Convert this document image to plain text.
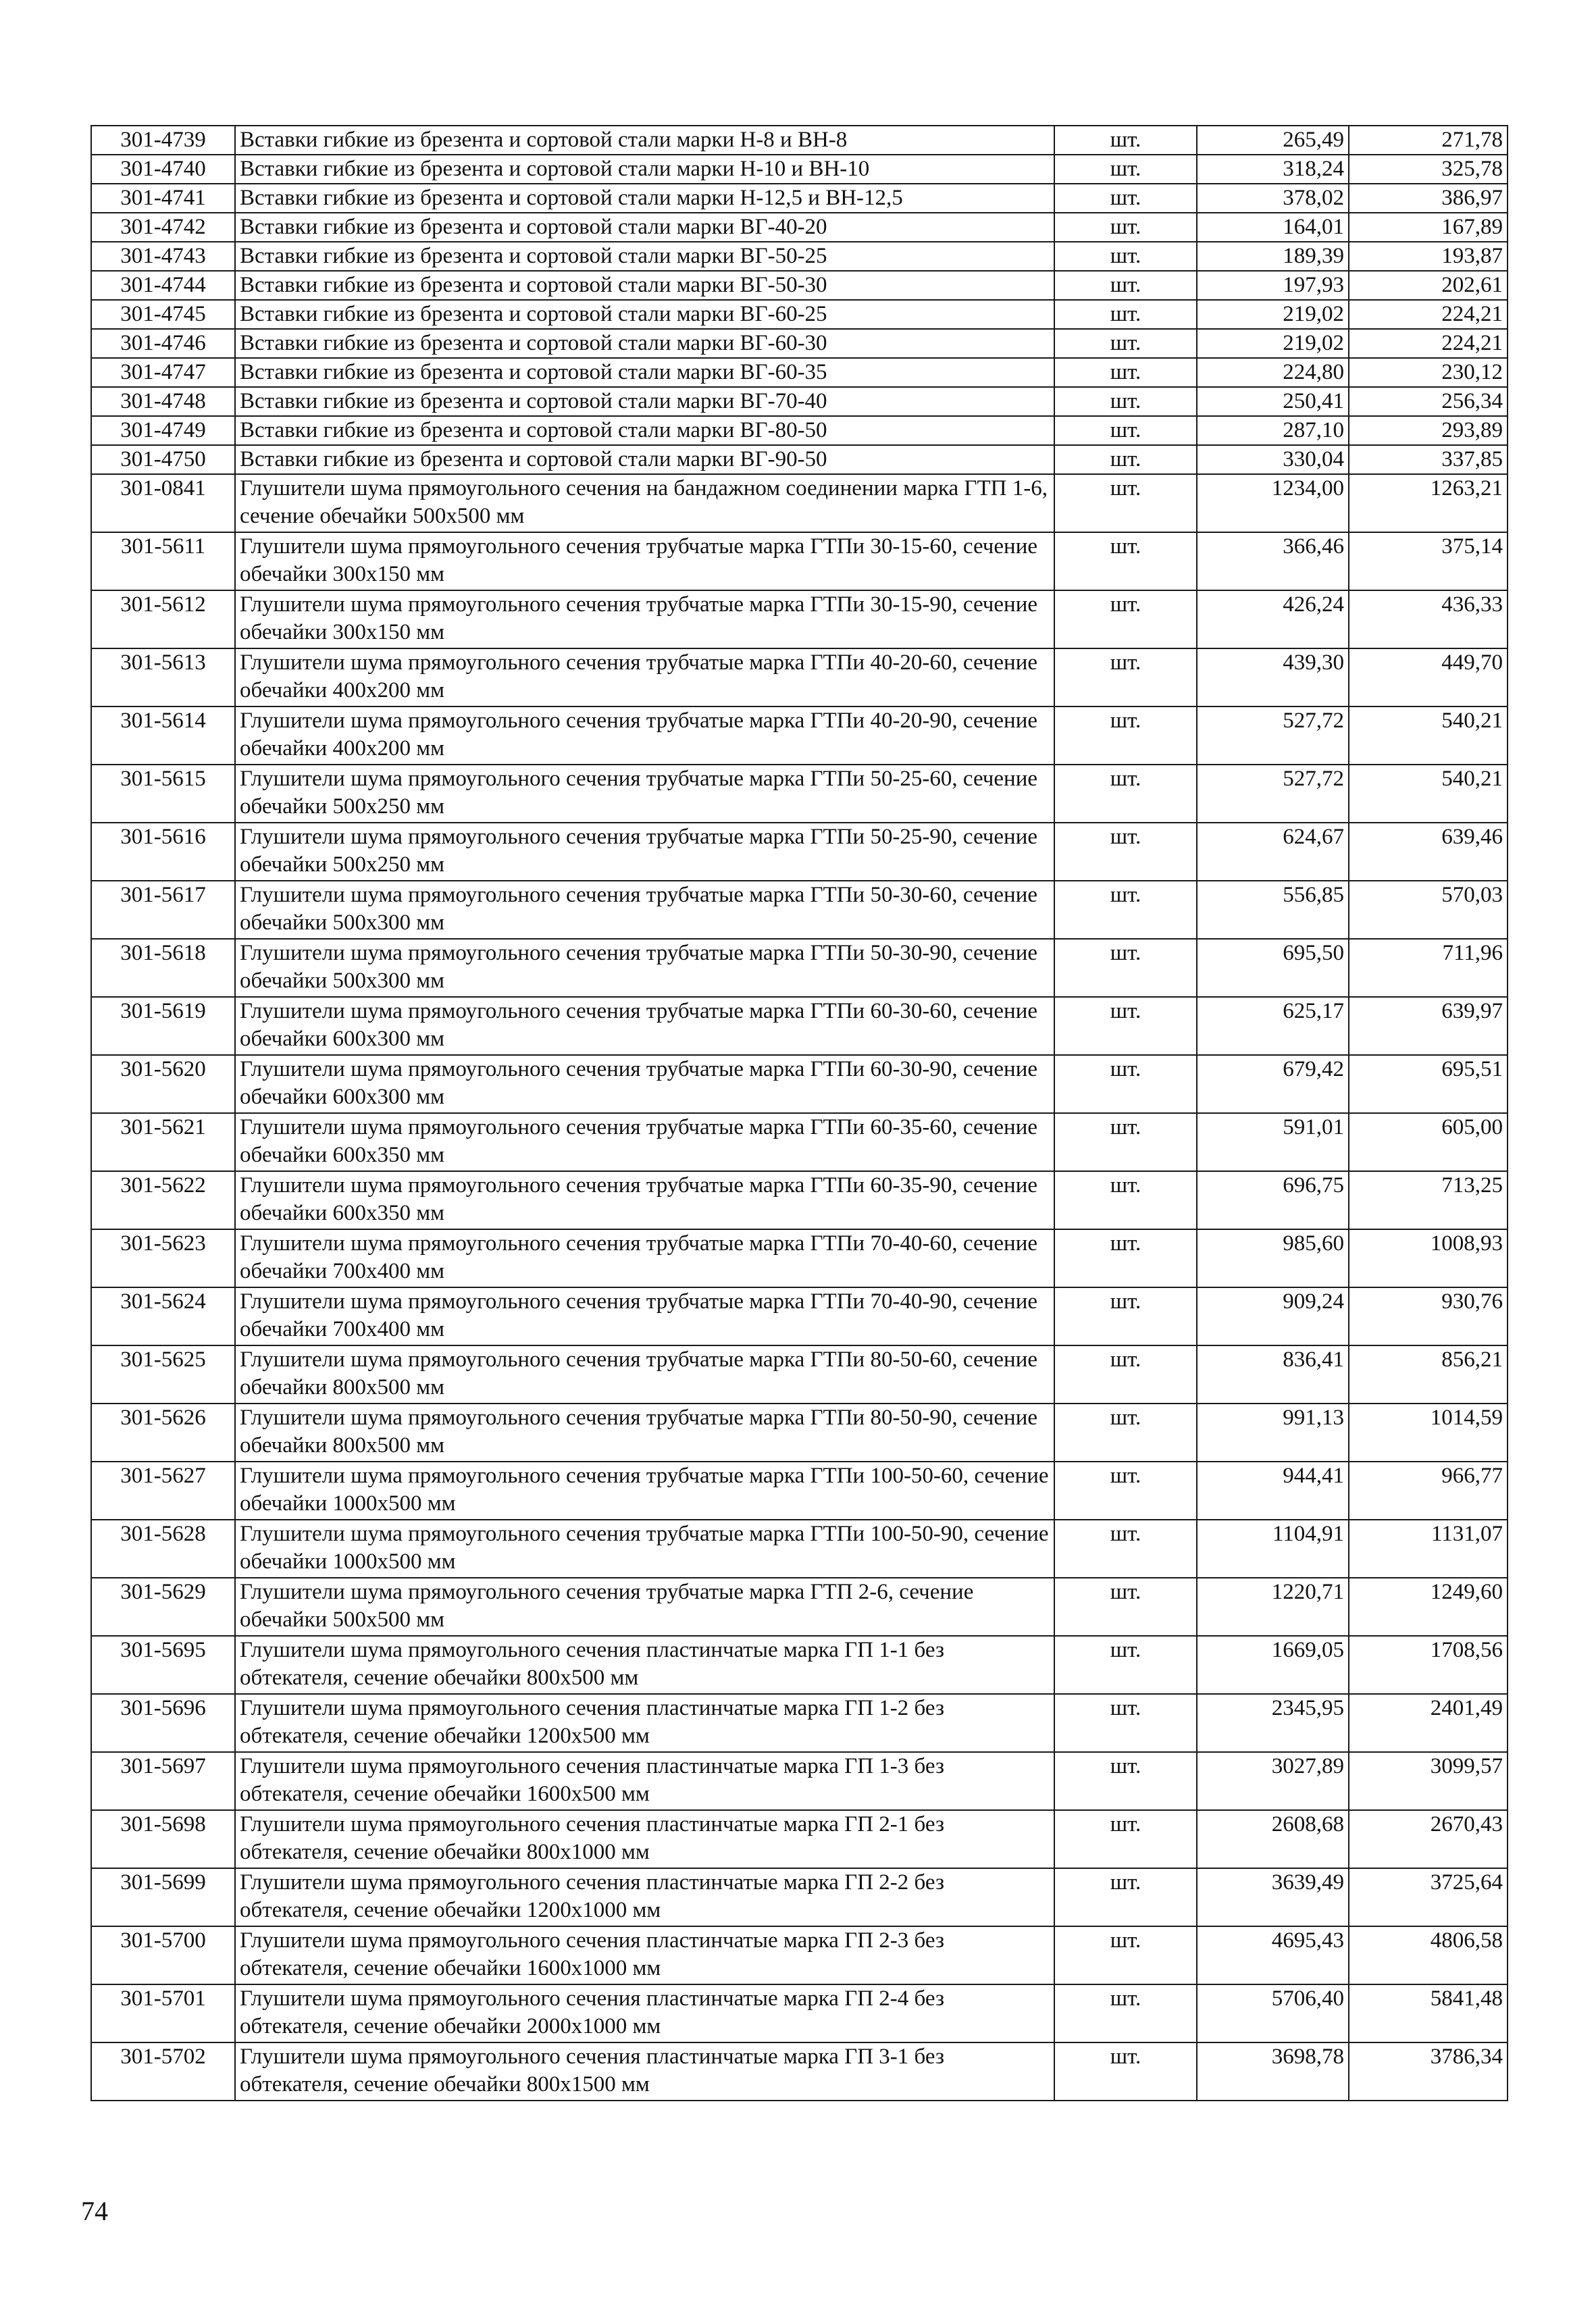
301-4739	Вставки гибкие из брезента и сортовой стали марки Н-8 и ВН-8	шт.	265,49	271,78
301-4740	Вставки гибкие из брезента и сортовой стали марки Н-10 и ВН-10	шт.	318,24	325,78
301-4741	Вставки гибкие из брезента и сортовой стали марки Н-12,5 и ВН-12,5	шт.	378,02	386,97
301-4742	Вставки гибкие из брезента и сортовой стали марки ВГ-40-20	шт.	164,01	167,89
301-4743	Вставки гибкие из брезента и сортовой стали марки ВГ-50-25	шт.	189,39	193,87
301-4744	Вставки гибкие из брезента и сортовой стали марки ВГ-50-30	шт.	197,93	202,61
301-4745	Вставки гибкие из брезента и сортовой стали марки ВГ-60-25	шт.	219,02	224,21
301-4746	Вставки гибкие из брезента и сортовой стали марки ВГ-60-30	шт.	219,02	224,21
301-4747	Вставки гибкие из брезента и сортовой стали марки ВГ-60-35	шт.	224,80	230,12
301-4748	Вставки гибкие из брезента и сортовой стали марки ВГ-70-40	шт.	250,41	256,34
301-4749	Вставки гибкие из брезента и сортовой стали марки ВГ-80-50	шт.	287,10	293,89
301-4750	Вставки гибкие из брезента и сортовой стали марки ВГ-90-50	шт.	330,04	337,85
301-0841	Глушители шума прямоугольного сечения на бандажном соединении марка ГТП 1-6, сечение обечайки 500х500 мм	шт.	1234,00	1263,21
301-5611	Глушители шума прямоугольного сечения трубчатые марка ГТПи 30-15-60, сечение обечайки 300х150 мм	шт.	366,46	375,14
301-5612	Глушители шума прямоугольного сечения трубчатые марка ГТПи 30-15-90, сечение обечайки 300х150 мм	шт.	426,24	436,33
301-5613	Глушители шума прямоугольного сечения трубчатые марка ГТПи 40-20-60, сечение обечайки 400х200 мм	шт.	439,30	449,70
301-5614	Глушители шума прямоугольного сечения трубчатые марка ГТПи 40-20-90, сечение обечайки 400х200 мм	шт.	527,72	540,21
301-5615	Глушители шума прямоугольного сечения трубчатые марка ГТПи 50-25-60, сечение обечайки 500х250 мм	шт.	527,72	540,21
301-5616	Глушители шума прямоугольного сечения трубчатые марка ГТПи 50-25-90, сечение обечайки 500х250 мм	шт.	624,67	639,46
301-5617	Глушители шума прямоугольного сечения трубчатые марка ГТПи 50-30-60, сечение обечайки 500х300 мм	шт.	556,85	570,03
301-5618	Глушители шума прямоугольного сечения трубчатые марка ГТПи 50-30-90, сечение обечайки 500х300 мм	шт.	695,50	711,96
301-5619	Глушители шума прямоугольного сечения трубчатые марка ГТПи 60-30-60, сечение обечайки 600х300 мм	шт.	625,17	639,97
301-5620	Глушители шума прямоугольного сечения трубчатые марка ГТПи 60-30-90, сечение обечайки 600х300 мм	шт.	679,42	695,51
301-5621	Глушители шума прямоугольного сечения трубчатые марка ГТПи 60-35-60, сечение обечайки 600х350 мм	шт.	591,01	605,00
301-5622	Глушители шума прямоугольного сечения трубчатые марка ГТПи 60-35-90, сечение обечайки 600х350 мм	шт.	696,75	713,25
301-5623	Глушители шума прямоугольного сечения трубчатые марка ГТПи 70-40-60, сечение обечайки 700х400 мм	шт.	985,60	1008,93
301-5624	Глушители шума прямоугольного сечения трубчатые марка ГТПи 70-40-90, сечение обечайки 700х400 мм	шт.	909,24	930,76
301-5625	Глушители шума прямоугольного сечения трубчатые марка ГТПи 80-50-60, сечение обечайки 800х500 мм	шт.	836,41	856,21
301-5626	Глушители шума прямоугольного сечения трубчатые марка ГТПи 80-50-90, сечение обечайки 800х500 мм	шт.	991,13	1014,59
301-5627	Глушители шума прямоугольного сечения трубчатые марка ГТПи 100-50-60, сечение обечайки 1000х500 мм	шт.	944,41	966,77
301-5628	Глушители шума прямоугольного сечения трубчатые марка ГТПи 100-50-90, сечение обечайки 1000х500 мм	шт.	1104,91	1131,07
301-5629	Глушители шума прямоугольного сечения трубчатые марка ГТП 2-6, сечение обечайки 500х500 мм	шт.	1220,71	1249,60
301-5695	Глушители шума прямоугольного сечения пластинчатые марка ГП 1-1 без обтекателя, сечение обечайки 800х500 мм	шт.	1669,05	1708,56
301-5696	Глушители шума прямоугольного сечения пластинчатые марка ГП 1-2 без обтекателя, сечение обечайки 1200х500 мм	шт.	2345,95	2401,49
301-5697	Глушители шума прямоугольного сечения пластинчатые марка ГП 1-3 без обтекателя, сечение обечайки 1600х500 мм	шт.	3027,89	3099,57
301-5698	Глушители шума прямоугольного сечения пластинчатые марка ГП 2-1 без обтекателя, сечение обечайки 800х1000 мм	шт.	2608,68	2670,43
301-5699	Глушители шума прямоугольного сечения пластинчатые марка ГП 2-2 без обтекателя, сечение обечайки 1200х1000 мм	шт.	3639,49	3725,64
301-5700	Глушители шума прямоугольного сечения пластинчатые марка ГП 2-3 без обтекателя, сечение обечайки 1600х1000 мм	шт.	4695,43	4806,58
301-5701	Глушители шума прямоугольного сечения пластинчатые марка ГП 2-4 без обтекателя, сечение обечайки 2000х1000 мм	шт.	5706,40	5841,48
301-5702	Глушители шума прямоугольного сечения пластинчатые марка ГП 3-1 без обтекателя, сечение обечайки 800х1500 мм	шт.	3698,78	3786,34
74
